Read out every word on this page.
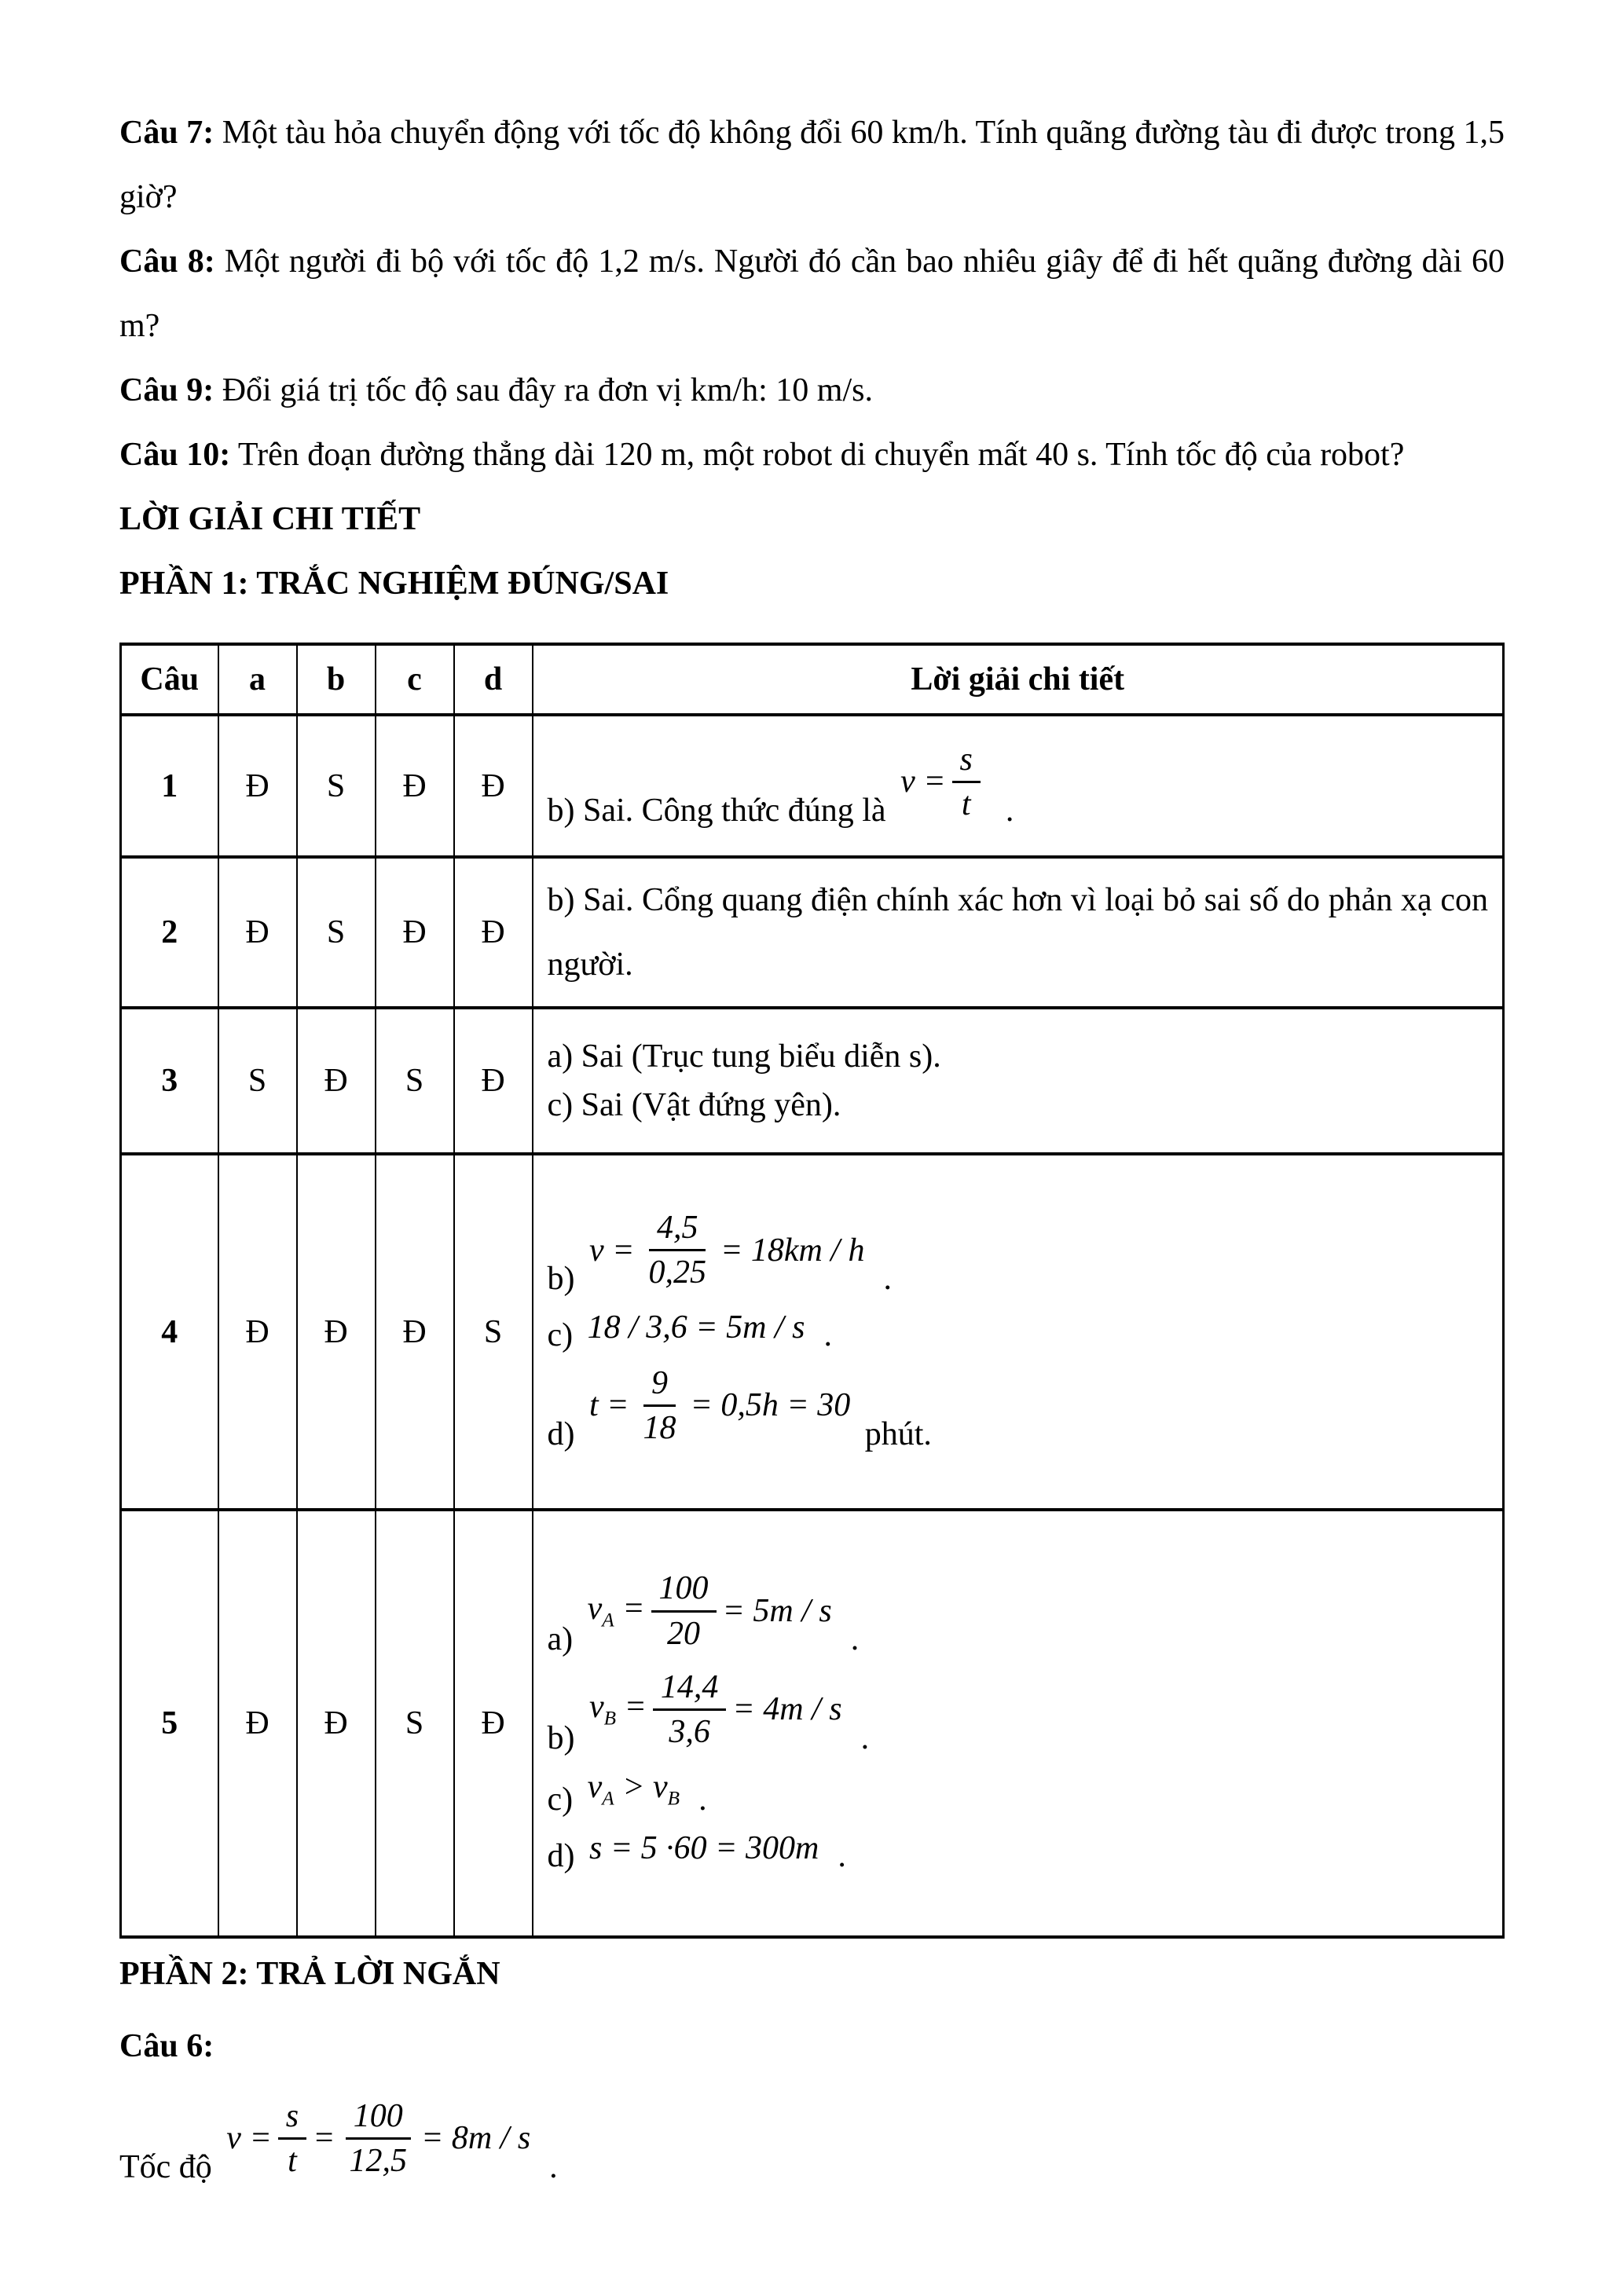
Câu 7: Một tàu hỏa chuyển động với tốc độ không đổi 60 km/h. Tính quãng đường tàu đi được trong 1,5 giờ?

Câu 8: Một người đi bộ với tốc độ 1,2 m/s. Người đó cần bao nhiêu giây để đi hết quãng đường dài 60 m?

Câu 9: Đổi giá trị tốc độ sau đây ra đơn vị km/h: 10 m/s.

Câu 10: Trên đoạn đường thẳng dài 120 m, một robot di chuyển mất 40 s. Tính tốc độ của robot?

LỜI GIẢI CHI TIẾT

PHẦN 1: TRẮC NGHIỆM ĐÚNG/SAI

Câu	a	b	c	d	Lời giải chi tiết
1	Đ	S	Đ	Đ	b) Sai. Công thức đúng là
$v = \frac{s}{t}$ .

2	Đ	S	Đ	Đ	b) Sai. Cổng quang điện chính xác hơn vì loại bỏ sai số do phản xạ con người.

3	S	Đ	S	Đ	a) Sai (Trục tung biểu diễn s).
c) Sai (Vật đứng yên).

4	Đ	Đ	Đ	S	
b)
$v = \frac{4,5}{0,25} = 18km / h$
.
c) 18 / 3,6 = 5m / s .
d)
$t = \frac{9}{18} = 0,5h = 30$
phút.

5	Đ	Đ	S	Đ	
a)
$v_A = \frac{100}{20} = 5m / s$
.
b)
$v_B = \frac{14,4}{3,6} = 4m / s$
.
c) $v_A > v_B$ .
d) s = 5 ·60 = 300m .

PHẦN 2: TRẢ LỜI NGẮN

Câu 6:

Tốc độ
$v = \frac{s}{t} = \frac{100}{12,5} = 8m / s$
.
